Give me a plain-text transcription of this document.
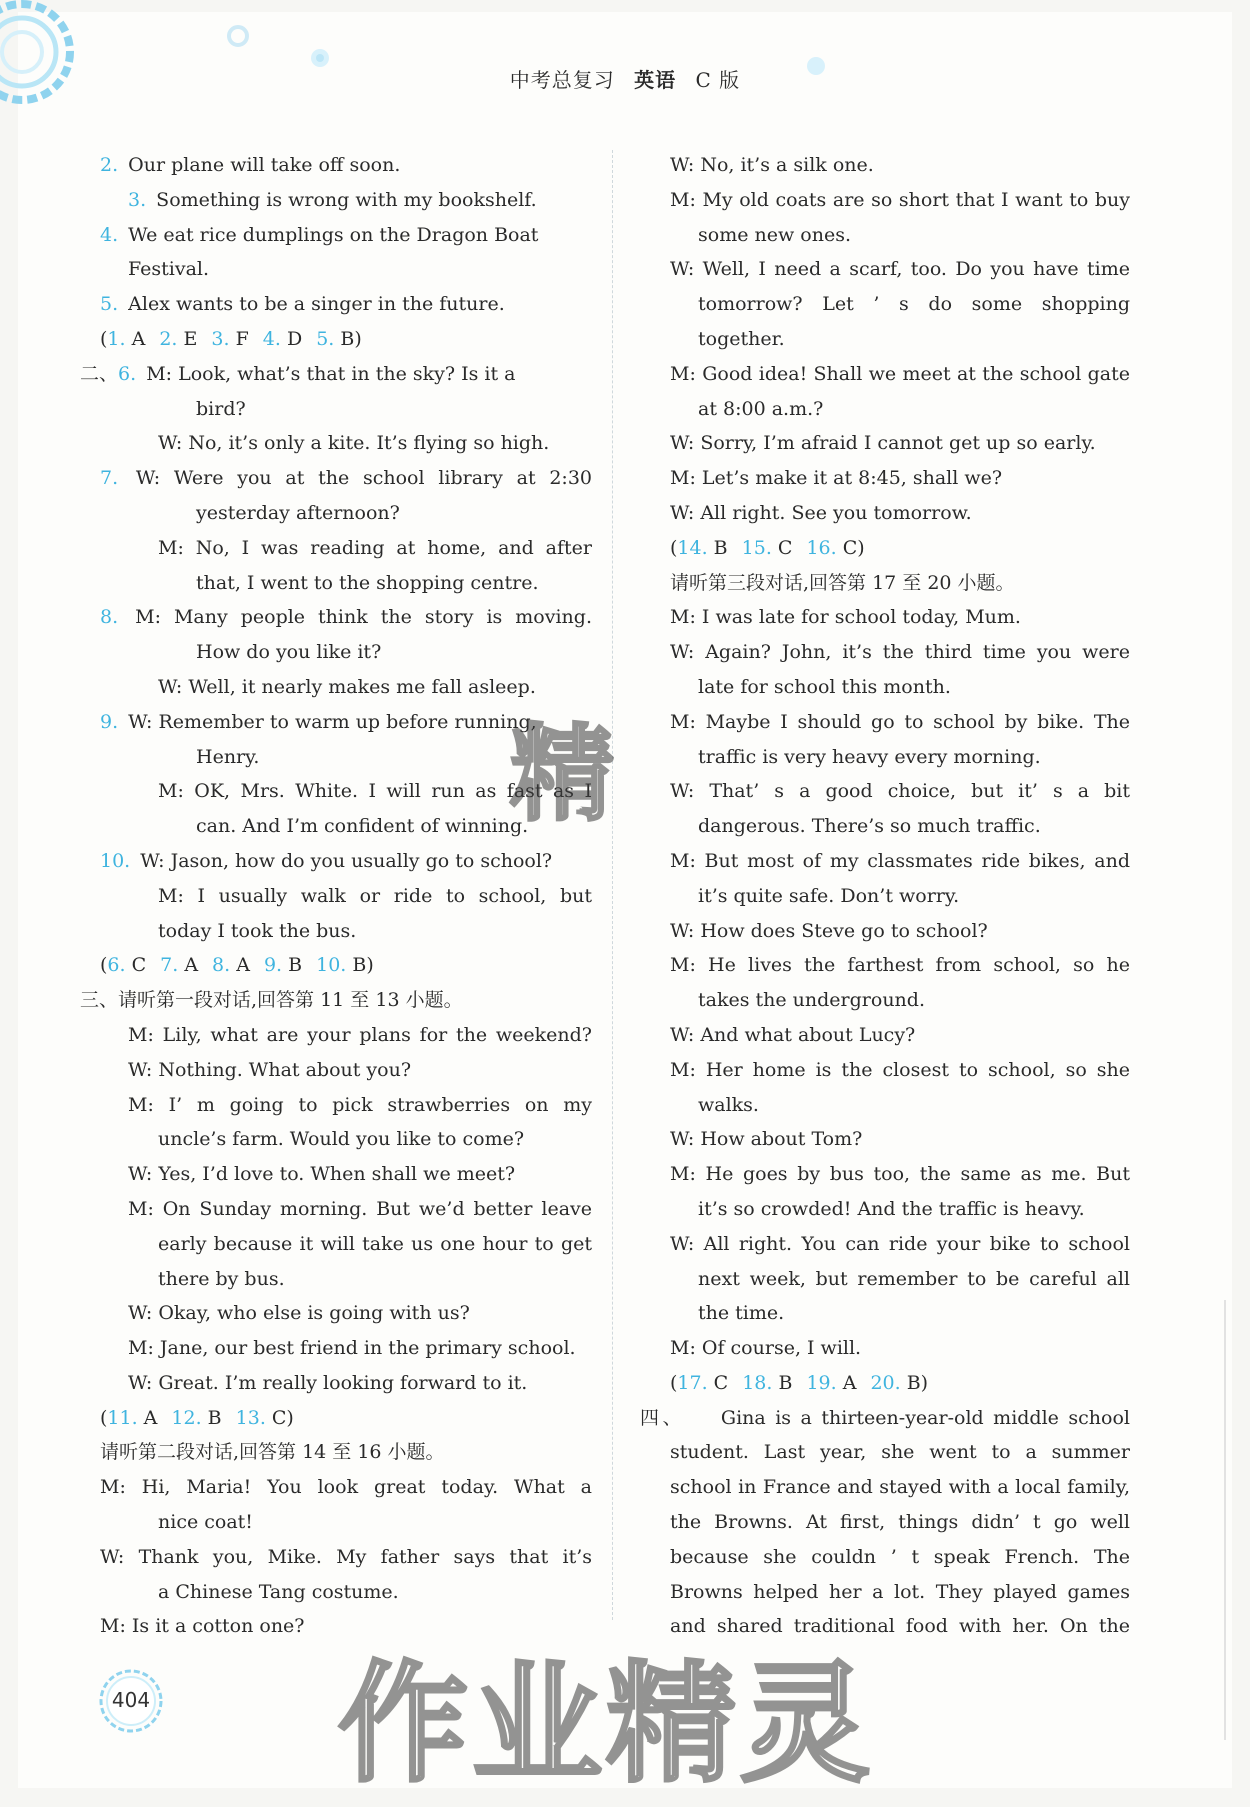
中考总复习 英语 C 版
2. Our plane will take off soon.
3. Something is wrong with my bookshelf.
4. We eat rice dumplings on the Dragon Boat
Festival.
5. Alex wants to be a singer in the future.
(1. A 2. E 3. F 4. D 5. B)
二、6. M: Look, what’s that in the sky? Is it a
bird?
W: No, it’s only a kite. It’s flying so high.
7. W: Were you at the school library at 2:30
yesterday afternoon?
M: No, I was reading at home, and after
that, I went to the shopping centre.
8. M: Many people think the story is moving.
How do you like it?
W: Well, it nearly makes me fall asleep.
9. W: Remember to warm up before running,
Henry.
M: OK, Mrs. White. I will run as fast as I
can. And I’m confident of winning.
10. W: Jason, how do you usually go to school?
M: I usually walk or ride to school, but
today I took the bus.
(6. C 7. A 8. A 9. B 10. B)
三、请听第一段对话,回答第 11 至 13 小题。
M: Lily, what are your plans for the weekend?
W: Nothing. What about you?
M: I’ m going to pick strawberries on my
uncle’s farm. Would you like to come?
W: Yes, I’d love to. When shall we meet?
M: On Sunday morning. But we’d better leave
early because it will take us one hour to get
there by bus.
W: Okay, who else is going with us?
M: Jane, our best friend in the primary school.
W: Great. I’m really looking forward to it.
(11. A 12. B 13. C)
请听第二段对话,回答第 14 至 16 小题。
M: Hi, Maria! You look great today. What a
nice coat!
W: Thank you, Mike. My father says that it’s
a Chinese Tang costume.
M: Is it a cotton one?
W: No, it’s a silk one.
M: My old coats are so short that I want to buy
some new ones.
W: Well, I need a scarf, too. Do you have time
tomorrow? Let ’ s do some shopping
together.
M: Good idea! Shall we meet at the school gate
at 8:00 a.m.?
W: Sorry, I’m afraid I cannot get up so early.
M: Let’s make it at 8:45, shall we?
W: All right. See you tomorrow.
(14. B 15. C 16. C)
请听第三段对话,回答第 17 至 20 小题。
M: I was late for school today, Mum.
W: Again? John, it’s the third time you were
late for school this month.
M: Maybe I should go to school by bike. The
traffic is very heavy every morning.
W: That’ s a good choice, but it’ s a bit
dangerous. There’s so much traffic.
M: But most of my classmates ride bikes, and
it’s quite safe. Don’t worry.
W: How does Steve go to school?
M: He lives the farthest from school, so he
takes the underground.
W: And what about Lucy?
M: Her home is the closest to school, so she
walks.
W: How about Tom?
M: He goes by bus too, the same as me. But
it’s so crowded! And the traffic is heavy.
W: All right. You can ride your bike to school
next week, but remember to be careful all
the time.
M: Of course, I will.
(17. C 18. B 19. A 20. B)
四、 Gina is a thirteen-year-old middle school
student. Last year, she went to a summer
school in France and stayed with a local family,
the Browns. At first, things didn’ t go well
because she couldn ’ t speak French. The
Browns helped her a lot. They played games
and shared traditional food with her. On the
精
作业精灵
404
